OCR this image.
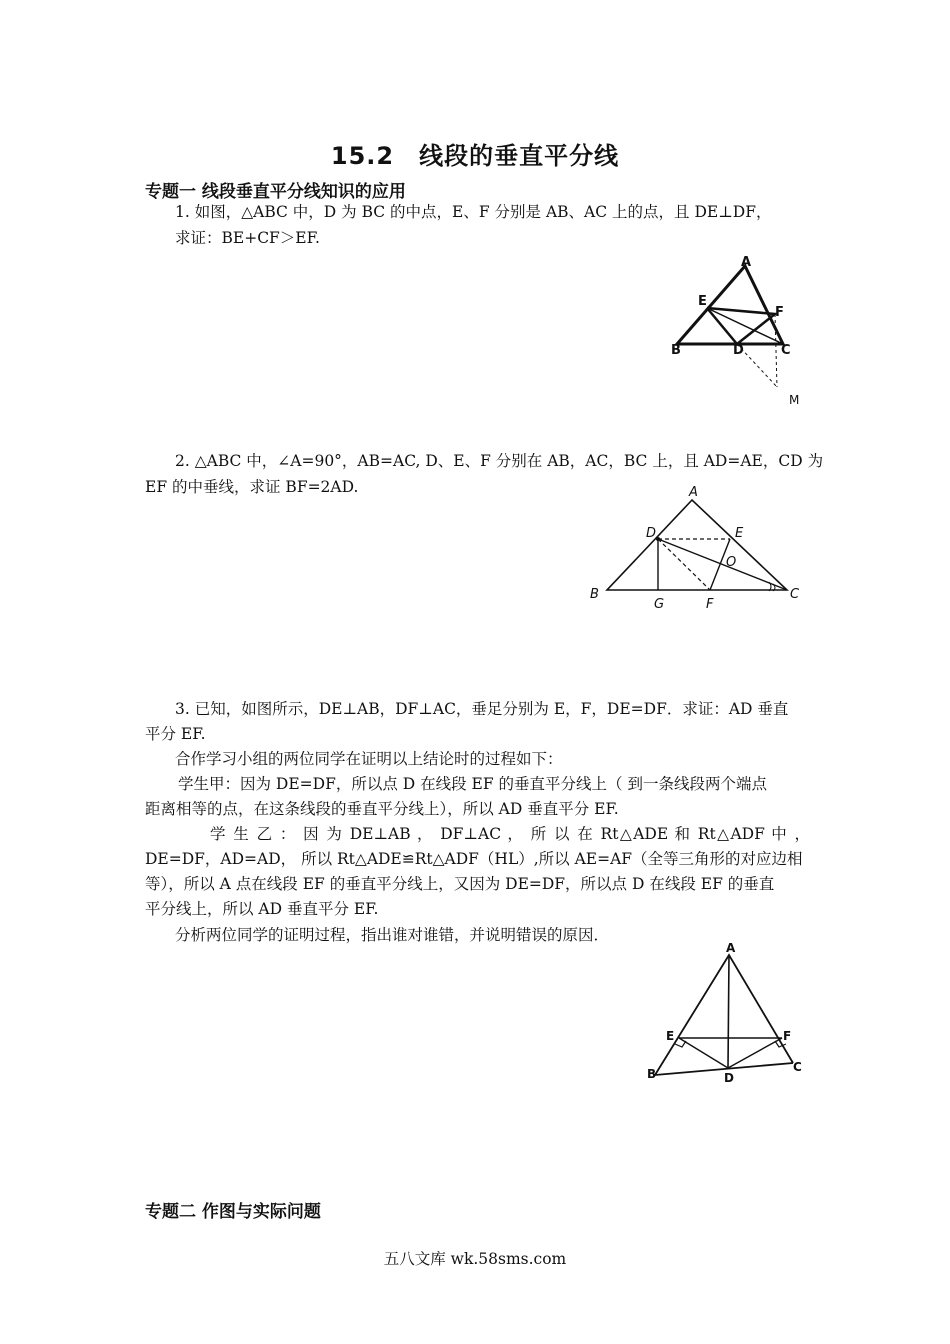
15.2　线段的垂直平分线
专题一 线段垂直平分线知识的应用
1. 如图，△ABC 中，D 为 BC 的中点，E、F 分别是 AB、AC 上的点，且 DE⊥DF，
求证：BE+CF＞EF.
A
E
F
B	D	C
M
2. △ABC 中，∠A=90°，AB=AC, D、E、F 分别在 AB，AC，BC 上，且 AD=AE，CD 为
EF 的中垂线，求证 BF=2AD.	A
D	E
O
B
G	F
C
3. 已知，如图所示，DE⊥AB，DF⊥AC，垂足分别为 E，F，DE=DF．求证：AD 垂直
平分 EF.
合作学习小组的两位同学在证明以上结论时的过程如下：
学生甲：因为 DE=DF，所以点 D 在线段 EF 的垂直平分线上（ 到一条线段两个端点
距离相等的点，在这条线段的垂直平分线上），所以 AD 垂直平分 EF.
学 生 乙 ： 因 为 DE⊥AB ， DF⊥AC ， 所 以 在 Rt△ADE 和 Rt△ADF 中 ，
DE=DF，AD=AD， 所以 Rt△ADE≌Rt△ADF（HL）,所以 AE=AF（全等三角形的对应边相
等），所以 A 点在线段 EF 的垂直平分线上，又因为 DE=DF，所以点 D 在线段 EF 的垂直
平分线上，所以 AD 垂直平分 EF.
分析两位同学的证明过程，指出谁对谁错，并说明错误的原因．
A
E	F
B	D
C
专题二 作图与实际问题
五八文库 wk.58sms.com
